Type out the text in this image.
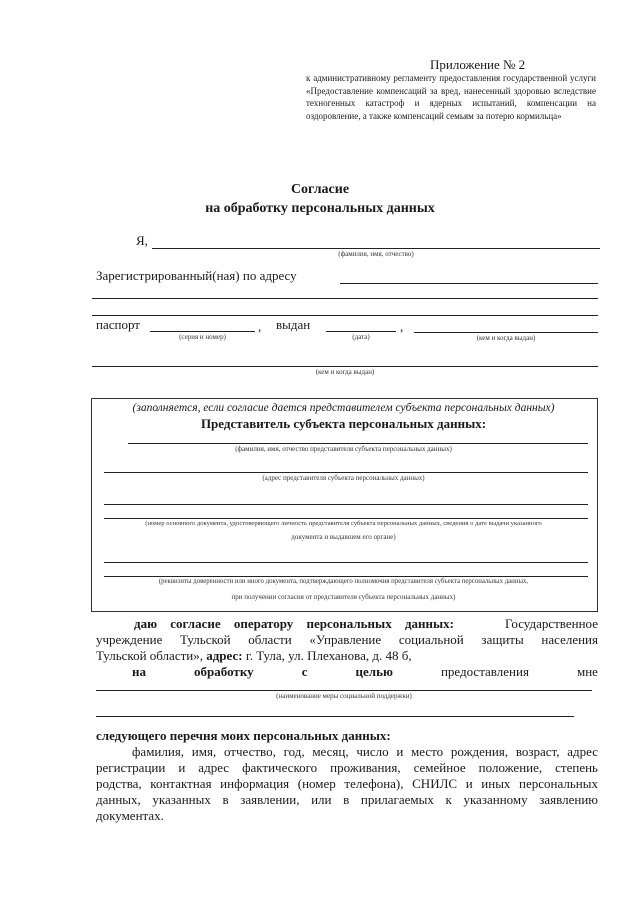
Приложение № 2
к административному регламенту предоставления государственной услуги «Предоставление компенсаций за вред, нанесенный здоровью вследствие техногенных катастроф и ядерных испытаний, компенсации на оздоровление, а также компенсаций семьям за потерю кормильца»
Согласие
на обработку персональных данных
Я,
(фамилия, имя, отчество)
Зарегистрированный(ная) по адресу
паспорт
(серия и номер)
, выдан
(дата)
,
(кем и когда выдан)
(кем и когда выдан)
(заполняется, если согласие дается представителем субъекта персональных данных)
Представитель субъекта персональных данных:
(фамилия, имя, отчество представителя субъекта персональных данных)
(адрес представителя субъекта персональных данных)
(номер основного документа, удостоверяющего личность представителя субъекта персональных данных, сведения о дате выдачи указанного
документа и выдавшем его органе)
(реквизиты доверенности или иного документа, подтверждающего полномочия представителя субъекта персональных данных,
при получении согласия от представителя субъекта персональных данных)
даю согласие оператору персональных данных:	Государственное
учреждение Тульской области «Управление социальной защиты населения
Тульской области», адрес: г. Тула, ул. Плеханова, д. 48 б,
на	обработку	с	целью	предоставления	мне
(наименование меры социальной поддержки)
следующего перечня моих персональных данных:
фамилия, имя, отчество, год, месяц, число и место рождения, возраст, адрес
регистрации и адрес фактического проживания, семейное положение, степень
родства, контактная информация (номер телефона), СНИЛС и иных персональных
данных, указанных в заявлении, или в прилагаемых к указанному заявлению
документах.
